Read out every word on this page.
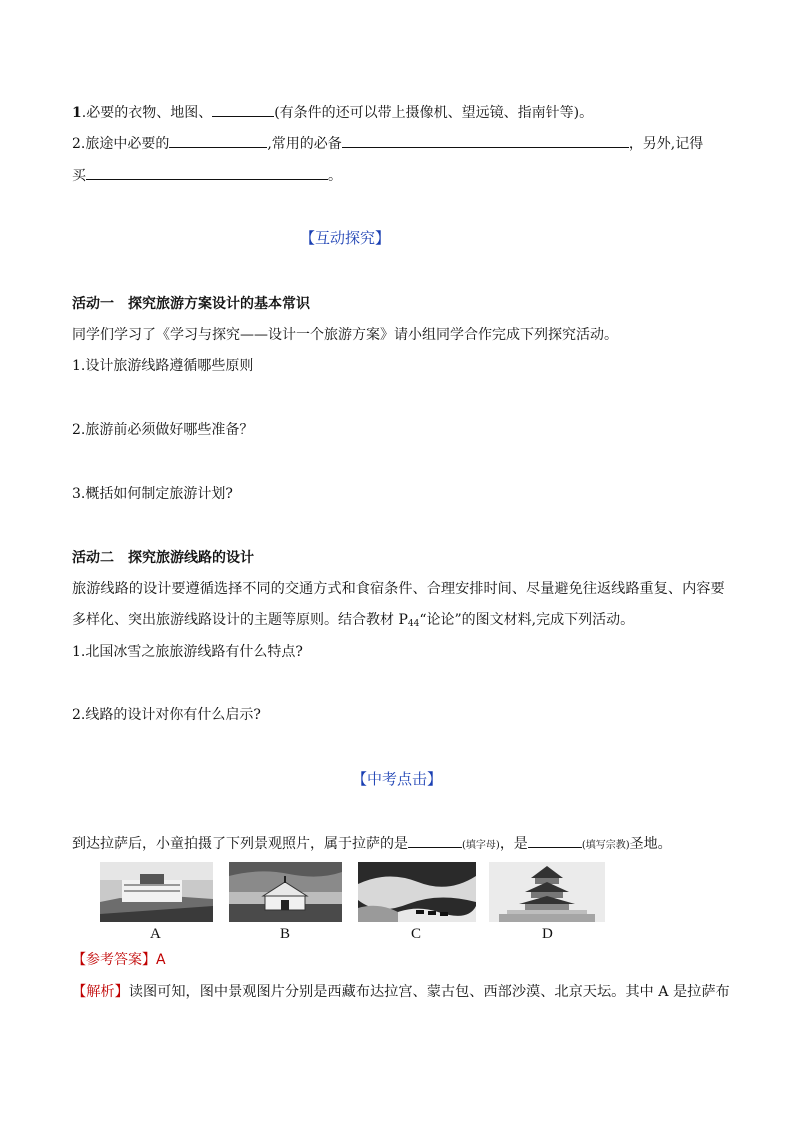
1.必要的衣物、地图、	(有条件的还可以带上摄像机、望远镜、指南针等)。
2.旅途中必要的	,常用的必备	，另外,记得
买	。
【互动探究】
活动一　探究旅游方案设计的基本常识
同学们学习了《学习与探究——设计一个旅游方案》请小组同学合作完成下列探究活动。
1.设计旅游线路遵循哪些原则
2.旅游前必须做好哪些准备？
3.概括如何制定旅游计划?
活动二　探究旅游线路的设计
旅游线路的设计要遵循选择不同的交通方式和食宿条件、合理安排时间、尽量避免往返线路重复、内容要
多样化、突出旅游线路设计的主题等原则。结合教材 $P_{44}“$论论”的图文材料,完成下列活动。
1.北国冰雪之旅旅游线路有什么特点?
2.线路的设计对你有什么启示?
【中考点击】
到达拉萨后，小童拍摄了下列景观照片，属于拉萨的是	(填字母)，是	(填写宗教)圣地。
A	B	C	D
【参考答案】A
【解析】读图可知，图中景观图片分别是西藏布达拉宫、蒙古包、西部沙漠、北京天坛。其中 A 是拉萨布
